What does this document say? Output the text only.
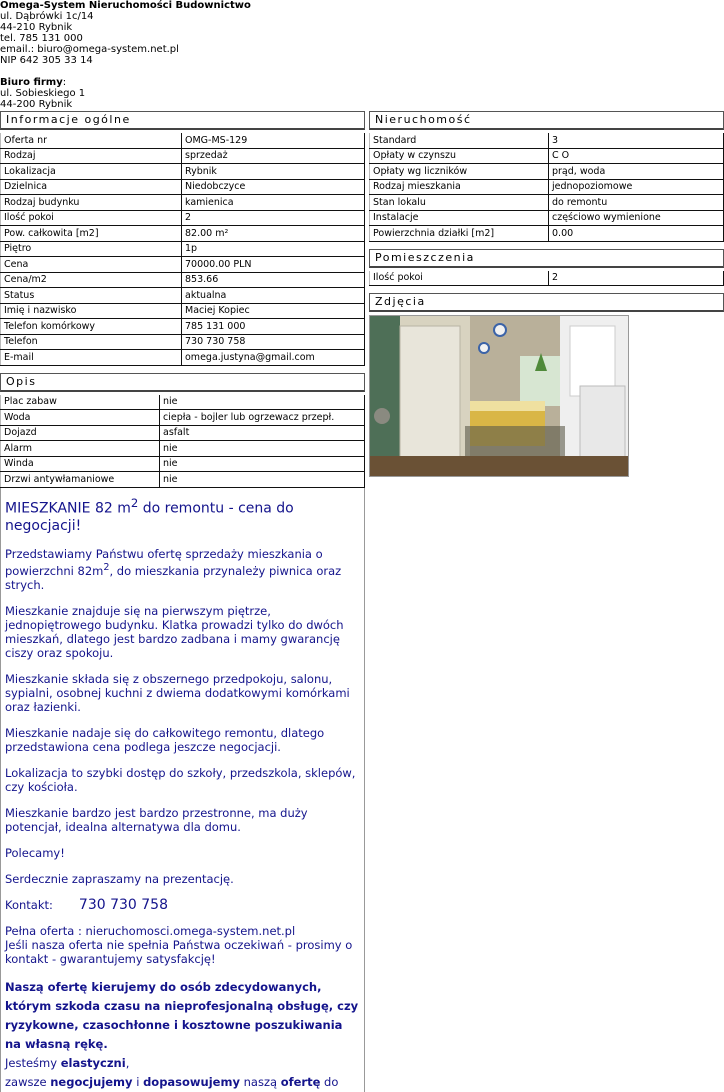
Omega-System Nieruchomości Budownictwo
ul. Dąbrówki 1c/14
44-210 Rybnik
tel. 785 131 000
email.: biuro@omega-system.net.pl
NIP 642 305 33 14
Biuro firmy:
ul. Sobieskiego 1
44-200 Rybnik
Informacje ogólne
Oferta nr	OMG-MS-129
Rodzaj	sprzedaż
Lokalizacja	Rybnik
Dzielnica	Niedobczyce
Rodzaj budynku	kamienica
Ilość pokoi	2
Pow. całkowita [m2]	82.00 m²
Piętro	1p
Cena	70000.00 PLN
Cena/m2	853.66
Status	aktualna
Imię i nazwisko	Maciej Kopiec
Telefon komórkowy	785 131 000
Telefon	730 730 758
E-mail	omega.justyna@gmail.com
Opis
Plac zabaw	nie
Woda	ciepła - bojler lub ogrzewacz przepł.
Dojazd	asfalt
Alarm	nie
Winda	nie
Drzwi antywłamaniowe	nie
MIESZKANIE 82 $m^2$ do remontu - cena do negocjacji!

Przedstawiamy Państwu ofertę sprzedaży mieszkania o powierzchni $82m^2$, do mieszkania przynależy piwnica oraz strych.

Mieszkanie znajduje się na pierwszym piętrze, jednopiętrowego budynku. Klatka prowadzi tylko do dwóch mieszkań, dlatego jest bardzo zadbana i mamy gwarancję ciszy oraz spokoju.

Mieszkanie składa się z obszernego przedpokoju, salonu, sypialni, osobnej kuchni z dwiema dodatkowymi komórkami oraz łazienki.

Mieszkanie nadaje się do całkowitego remontu, dlatego przedstawiona cena podlega jeszcze negocjacji.

Lokalizacja to szybki dostęp do szkoły, przedszkola, sklepów, czy kościoła.

Mieszkanie bardzo jest bardzo przestronne, ma duży potencjał, idealna alternatywa dla domu.

Polecamy!

Serdecznie zapraszamy na prezentację.

Kontakt: 730 730 758

Pełna oferta : nieruchomosci.omega-system.net.pl

Jeśli nasza oferta nie spełnia Państwa oczekiwań - prosimy o kontakt - gwarantujemy satysfakcję!

Naszą ofertę kierujemy do osób zdecydowanych, którym szkoda czasu na nieprofesjonalną obsługę, czy ryzykowne, czasochłonne i kosztowne poszukiwania na własną rękę.
Jesteśmy elastyczni,
zawsze negocjujemy i dopasowujemy naszą ofertę do
Nieruchomość
Standard	3
Opłaty w czynszu	C O
Opłaty wg liczników	prąd, woda
Rodzaj mieszkania	jednopoziomowe
Stan lokalu	do remontu
Instalacje	częściowo wymienione
Powierzchnia działki [m2]	0.00
Pomieszczenia
Ilość pokoi	2
Zdjęcia
